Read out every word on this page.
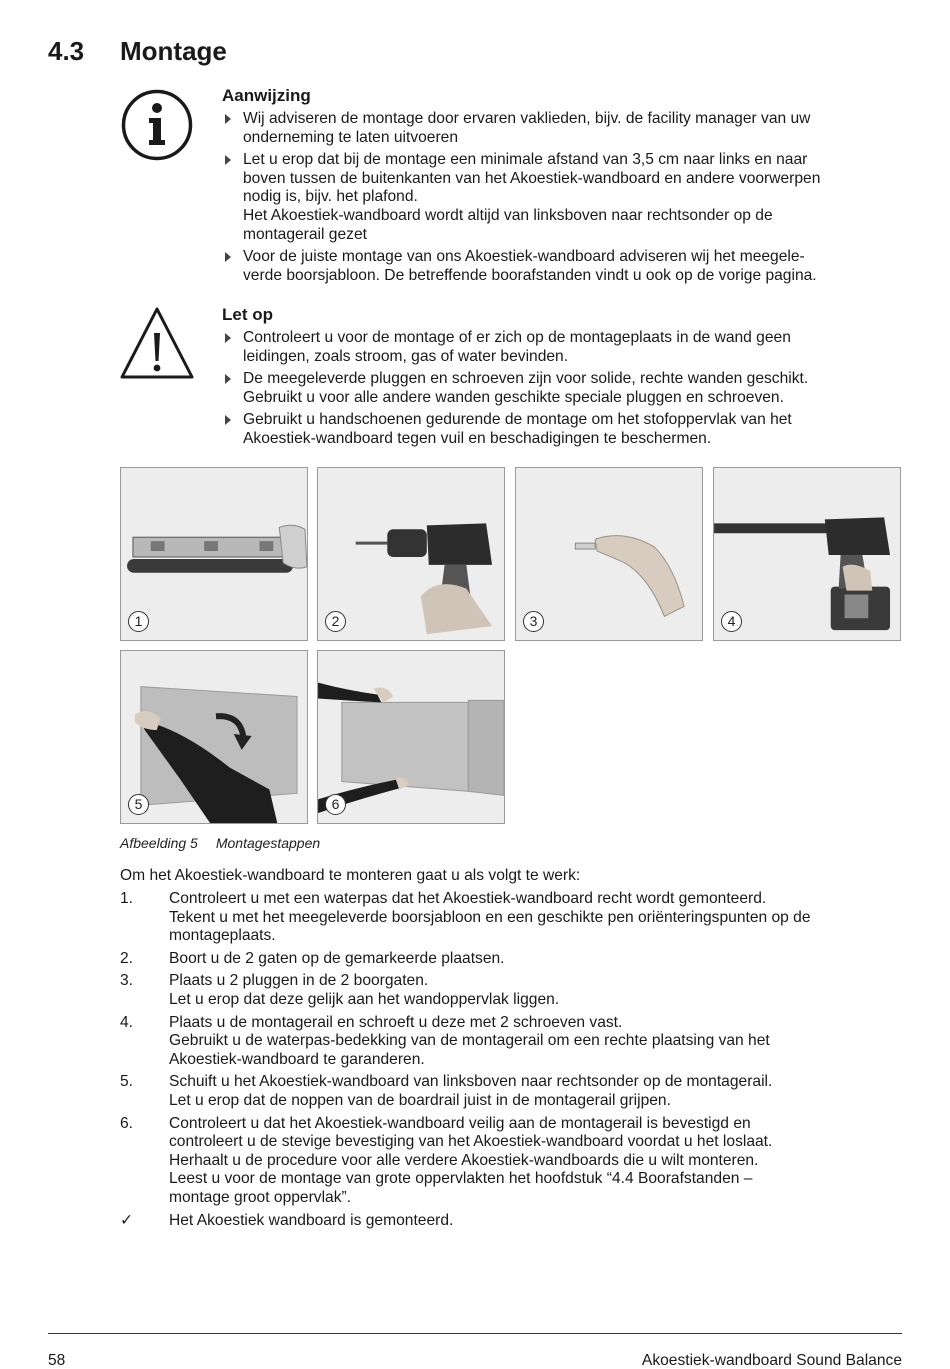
4.3 Montage
Aanwijzing
Wij adviseren de montage door ervaren vaklieden, bijv. de facility manager van uw
onderneming te laten uitvoeren
Let u erop dat bij de montage een minimale afstand van 3,5 cm naar links en naar
boven tussen de buitenkanten van het Akoestiek-wandboard en andere voorwerpen
nodig is, bijv. het plafond.
Het Akoestiek-wandboard wordt altijd van linksboven naar rechtsonder op de
montagerail gezet
Voor de juiste montage van ons Akoestiek-wandboard adviseren wij het meegele-
verde boorsjabloon. De betreffende boorafstanden vindt u ook op de vorige pagina.
Let op
Controleert u voor de montage of er zich op de montageplaats in de wand geen
leidingen, zoals stroom, gas of water bevinden.
De meegeleverde pluggen en schroeven zijn voor solide, rechte wanden geschikt.
Gebruikt u voor alle andere wanden geschikte speciale pluggen en schroeven.
Gebruikt u handschoenen gedurende de montage om het stofoppervlak van het
Akoestiek-wandboard tegen vuil en beschadigingen te beschermen.
1	2	3	4
5	6
Afbeelding 5 Montagestappen

Om het Akoestiek-wandboard te monteren gaat u als volgt te werk:

1. Controleert u met een waterpas dat het Akoestiek-wandboard recht wordt gemonteerd.
Tekent u met het meegeleverde boorsjabloon en een geschikte pen oriënteringspunten op de
montageplaats.
2. Boort u de 2 gaten op de gemarkeerde plaatsen.
3. Plaats u 2 pluggen in de 2 boorgaten.
Let u erop dat deze gelijk aan het wandoppervlak liggen.
4. Plaats u de montagerail en schroeft u deze met 2 schroeven vast.
Gebruikt u de waterpas-bedekking van de montagerail om een rechte plaatsing van het
Akoestiek-wandboard te garanderen.
5. Schuift u het Akoestiek-wandboard van linksboven naar rechtsonder op de montagerail.
Let u erop dat de noppen van de boardrail juist in de montagerail grijpen.
6. Controleert u dat het Akoestiek-wandboard veilig aan de montagerail is bevestigd en
controleert u de stevige bevestiging van het Akoestiek-wandboard voordat u het loslaat.
Herhaalt u de procedure voor alle verdere Akoestiek-wandboards die u wilt monteren.
Leest u voor de montage van grote oppervlakten het hoofdstuk “4.4 Boorafstanden –
montage groot oppervlak”.
✓ Het Akoestiek wandboard is gemonteerd.
58	Akoestiek-wandboard Sound Balance
